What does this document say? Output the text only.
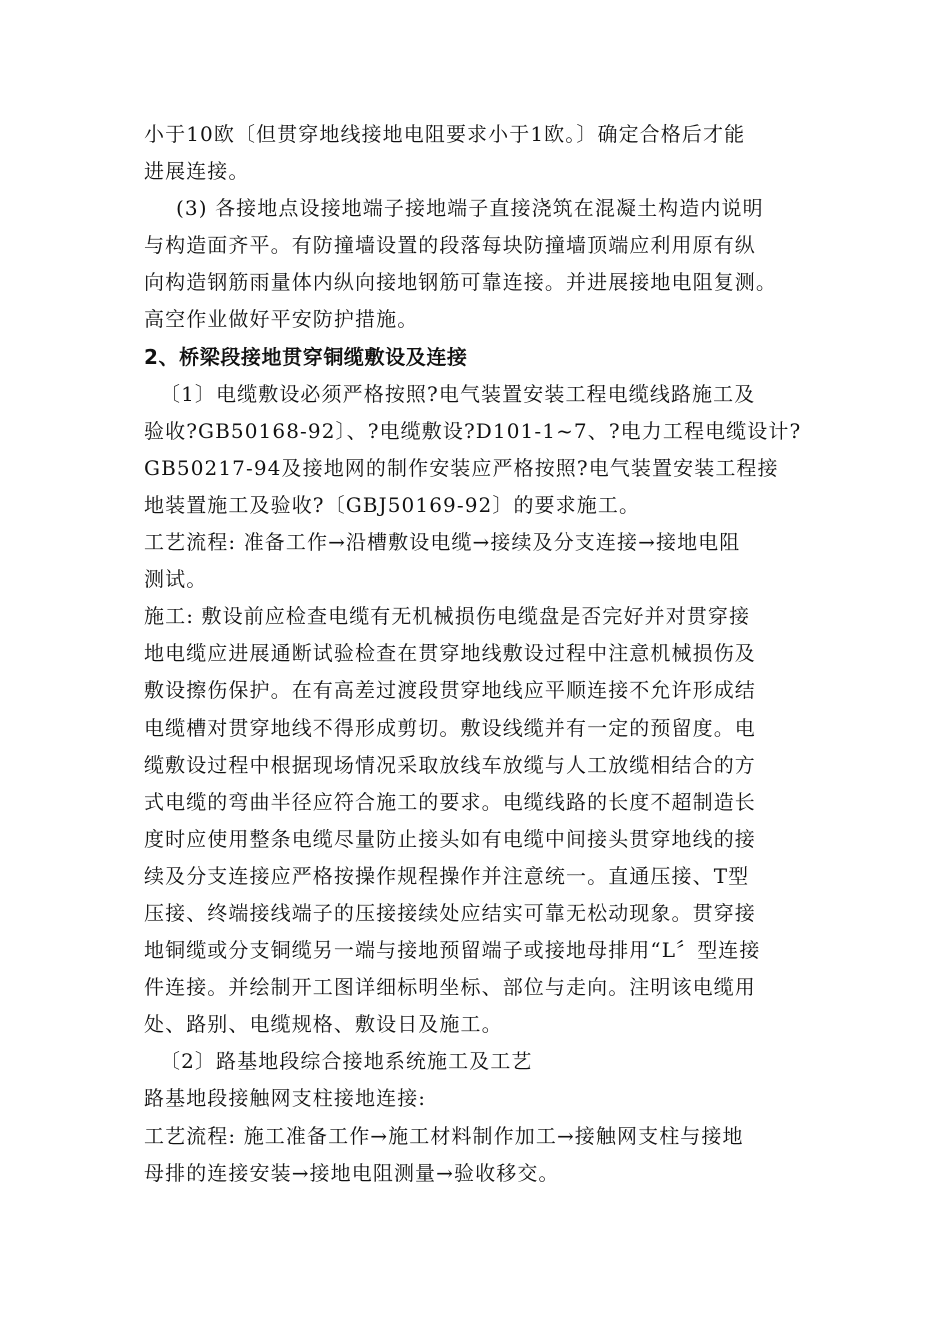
小于10欧〔但贯穿地线接地电阻要求小于1欧。〕确定合格后才能
进展连接。
(3) 各接地点设接地端子接地端子直接浇筑在混凝土构造内说明
与构造面齐平。有防撞墙设置的段落每块防撞墙顶端应利用原有纵
向构造钢筋雨量体内纵向接地钢筋可靠连接。并进展接地电阻复测。
高空作业做好平安防护措施。
2、桥梁段接地贯穿铜缆敷设及连接
〔1〕电缆敷设必须严格按照?电气装置安装工程电缆线路施工及
验收?GB50168-92〕、?电缆敷设?D101-1~7、?电力工程电缆设计?
GB50217-94及接地网的制作安装应严格按照?电气装置安装工程接
地装置施工及验收?〔GBJ50169-92〕的要求施工。
工艺流程: 准备工作→沿槽敷设电缆→接续及分支连接→接地电阻
测试。
施工: 敷设前应检查电缆有无机械损伤电缆盘是否完好并对贯穿接
地电缆应进展通断试验检查在贯穿地线敷设过程中注意机械损伤及
敷设擦伤保护。在有高差过渡段贯穿地线应平顺连接不允许形成结
电缆槽对贯穿地线不得形成剪切。敷设线缆并有一定的预留度。电
缆敷设过程中根据现场情况采取放线车放缆与人工放缆相结合的方
式电缆的弯曲半径应符合施工的要求。电缆线路的长度不超制造长
度时应使用整条电缆尽量防止接头如有电缆中间接头贯穿地线的接
续及分支连接应严格按操作规程操作并注意统一。直通压接、T型
压接、终端接线端子的压接接续处应结实可靠无松动现象。贯穿接
地铜缆或分支铜缆另一端与接地预留端子或接地母排用“L〞型连接
件连接。并绘制开工图详细标明坐标、部位与走向。注明该电缆用
处、路别、电缆规格、敷设日及施工。
〔2〕路基地段综合接地系统施工及工艺
路基地段接触网支柱接地连接:
工艺流程: 施工准备工作→施工材料制作加工→接触网支柱与接地
母排的连接安装→接地电阻测量→验收移交。
